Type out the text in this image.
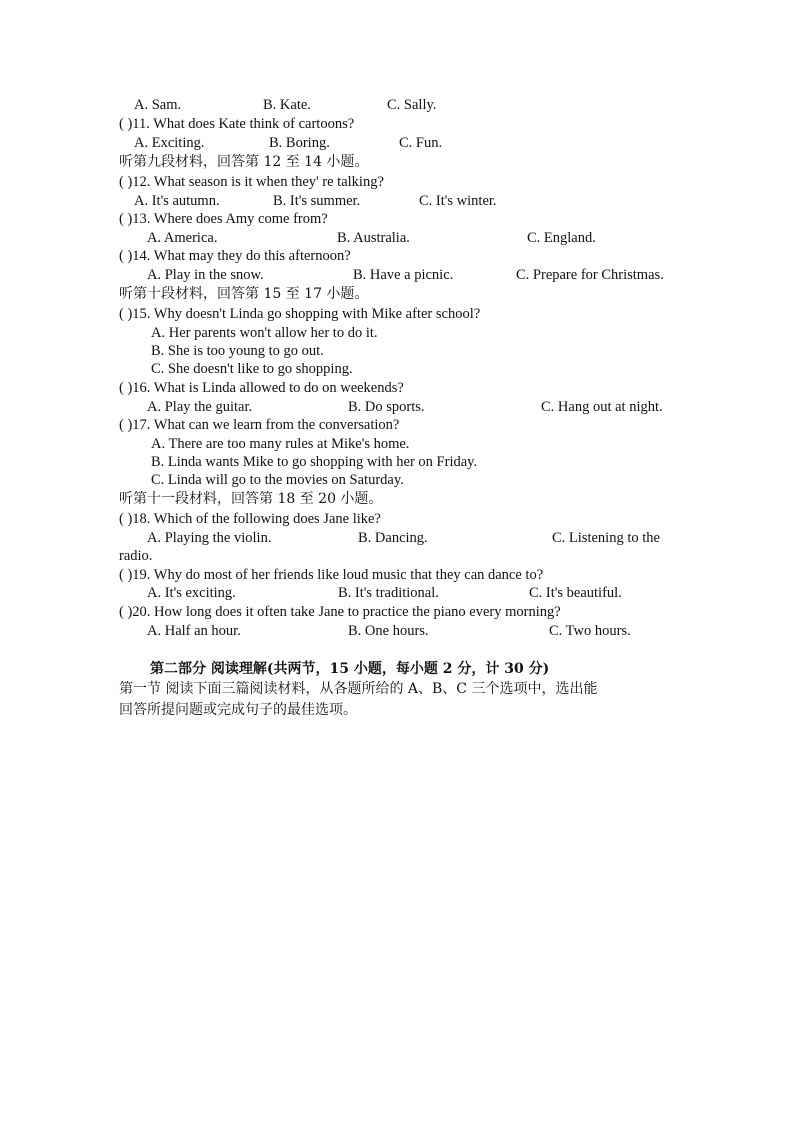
A. Sam.	B. Kate.	C. Sally.
( )11. What does Kate think of cartoons?
A. Exciting.	B. Boring.	C. Fun.
听第九段材料，回答第 12 至 14 小题。
( )12. What season is it when they' re talking?
A. It's autumn.	B. It's summer.	C. It's winter.
( )13. Where does Amy come from?
A. America.	B. Australia.	C. England.
( )14. What may they do this afternoon?
A. Play in the snow.	B. Have a picnic.	C. Prepare for Christmas.
听第十段材料，回答第 15 至 17 小题。
( )15. Why doesn't Linda go shopping with Mike after school?
A. Her parents won't allow her to do it.
B. She is too young to go out.
C. She doesn't like to go shopping.
( )16. What is Linda allowed to do on weekends?
A. Play the guitar.	B. Do sports.	C. Hang out at night.
( )17. What can we learn from the conversation?
A. There are too many rules at Mike's home.
B. Linda wants Mike to go shopping with her on Friday.
C. Linda will go to the movies on Saturday.
听第十一段材料，回答第 18 至 20 小题。
( )18. Which of the following does Jane like?
A. Playing the violin.	B. Dancing.	C. Listening to the
radio.
( )19. Why do most of her friends like loud music that they can dance to?
A. It's exciting.	B. It's traditional.	C. It's beautiful.
( )20. How long does it often take Jane to practice the piano every morning?
A. Half an hour.	B. One hours.	C. Two hours.
第二部分 阅读理解(共两节，15 小题，每小题 2 分，计 30 分)
第一节 阅读下面三篇阅读材料，从各题所给的 A、B、C 三个选项中，选出能
回答所提问题或完成句子的最佳选项。
